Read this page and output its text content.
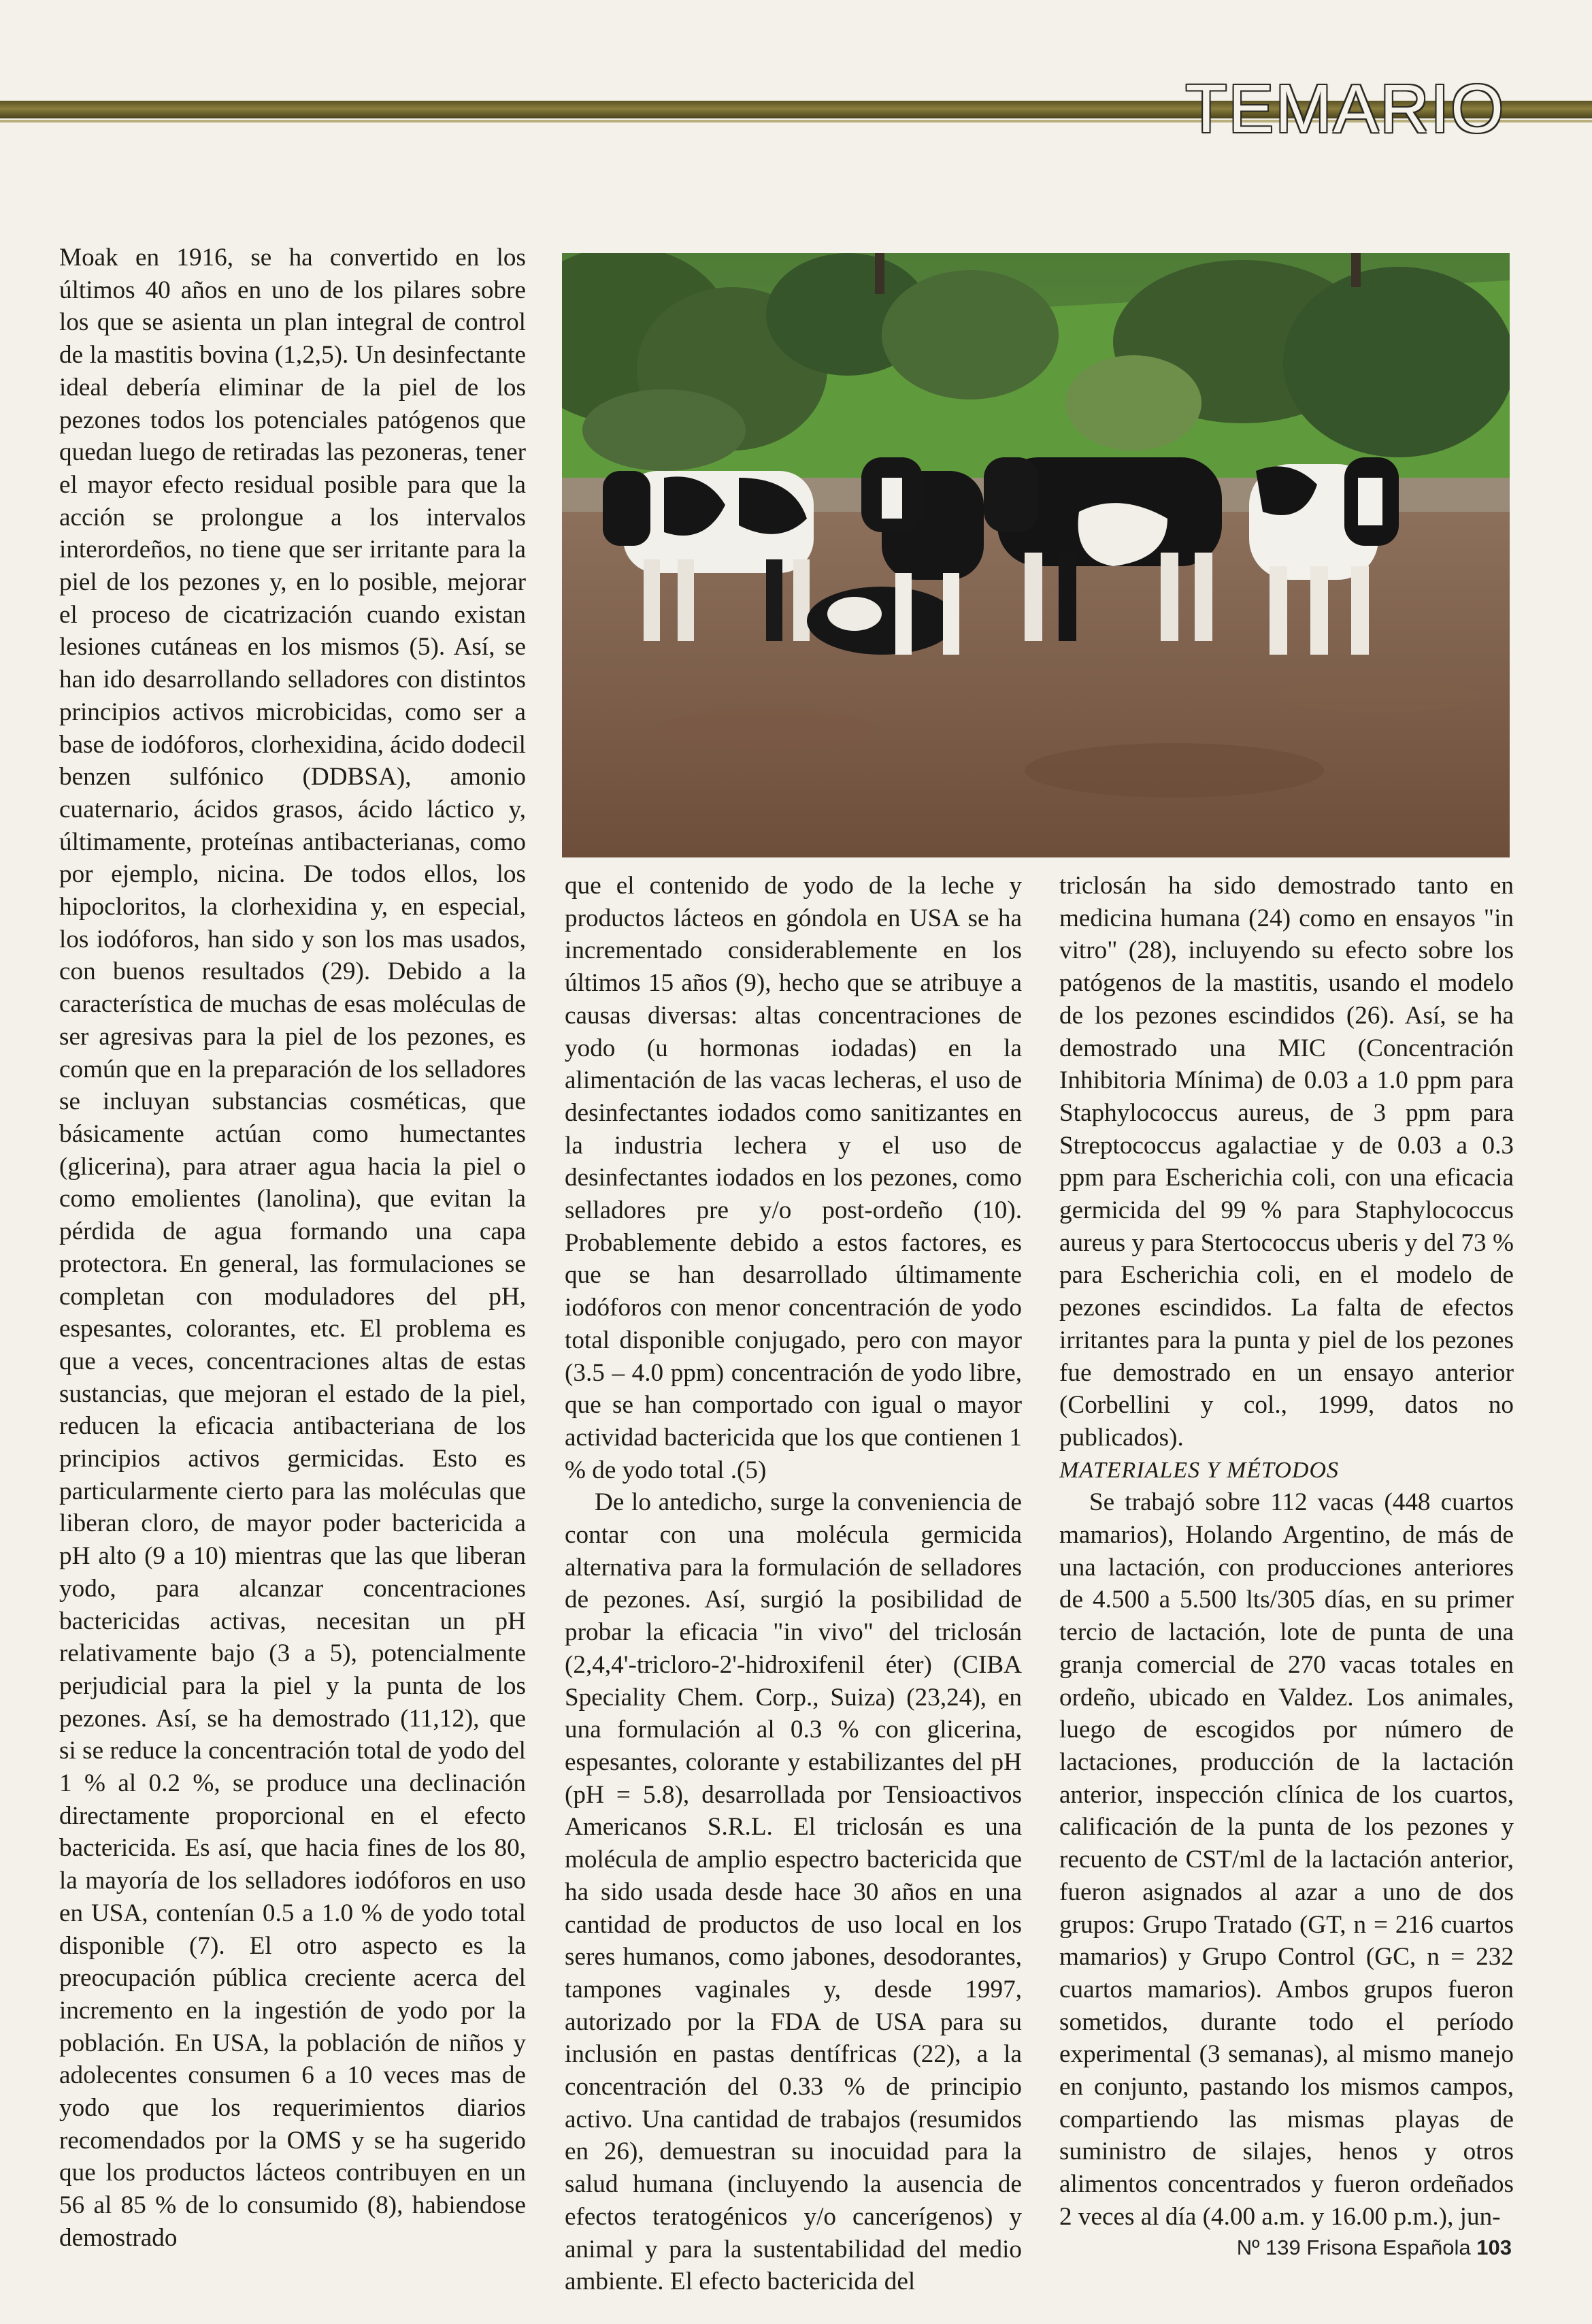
TEMARIO

Moak en 1916, se ha convertido en los últimos 40 años en uno de los pilares sobre los que se asienta un plan integral de control de la mastitis bovina (1,2,5). Un desinfectante ideal debería eliminar de la piel de los pezones todos los potenciales patógenos que quedan luego de retiradas las pezoneras, tener el mayor efecto residual posible para que la acción se prolongue a los intervalos interordeños, no tiene que ser irritante para la piel de los pezones y, en lo posible, mejorar el proceso de cicatrización cuando existan lesiones cutáneas en los mismos (5). Así, se han ido desarrollando selladores con distintos principios activos microbicidas, como ser a base de iodóforos, clorhexidina, ácido dodecil benzen sulfónico (DDBSA), amonio cuaternario, ácidos grasos, ácido láctico y, últimamente, proteínas antibacterianas, como por ejemplo, nicina. De todos ellos, los hipocloritos, la clorhexidina y, en especial, los iodóforos, han sido y son los mas usados, con buenos resultados (29). Debido a la característica de muchas de esas moléculas de ser agresivas para la piel de los pezones, es común que en la preparación de los selladores se incluyan substancias cosméticas, que básicamente actúan como humectantes (glicerina), para atraer agua hacia la piel o como emolientes (lanolina), que evitan la pérdida de agua formando una capa protectora. En general, las formulaciones se completan con moduladores del pH, espesantes, colorantes, etc. El problema es que a veces, concentraciones altas de estas sustancias, que mejoran el estado de la piel, reducen la eficacia antibacteriana de los principios activos germicidas. Esto es particularmente cierto para las moléculas que liberan cloro, de mayor poder bactericida a pH alto (9 a 10) mientras que las que liberan yodo, para alcanzar concentraciones bactericidas activas, necesitan un pH relativamente bajo (3 a 5), potencialmente perjudicial para la piel y la punta de los pezones. Así, se ha demostrado (11,12), que si se reduce la concentración total de yodo del 1 % al 0.2 %, se produce una declinación directamente proporcional en el efecto bactericida. Es así, que hacia fines de los 80, la mayoría de los selladores iodóforos en uso en USA, contenían 0.5 a 1.0 % de yodo total disponible (7). El otro aspecto es la preocupación pública creciente acerca del incremento en la ingestión de yodo por la población. En USA, la población de niños y adolecentes consumen 6 a 10 veces mas de yodo que los requerimientos diarios recomendados por la OMS y se ha sugerido que los productos lácteos contribuyen en un 56 al 85 % de lo consumido (8), habiendose demostrado

que el contenido de yodo de la leche y productos lácteos en góndola en USA se ha incrementado considerablemente en los últimos 15 años (9), hecho que se atribuye a causas diversas: altas concentraciones de yodo (u hormonas iodadas) en la alimentación de las vacas lecheras, el uso de desinfectantes iodados como sanitizantes en la industria lechera y el uso de desinfectantes iodados en los pezones, como selladores pre y/o post-ordeño (10). Probablemente debido a estos factores, es que se han desarrollado últimamente iodóforos con menor concentración de yodo total disponible conjugado, pero con mayor (3.5 – 4.0 ppm) concentración de yodo libre, que se han comportado con igual o mayor actividad bactericida que los que contienen 1 % de yodo total .(5)

De lo antedicho, surge la conveniencia de contar con una molécula germicida alternativa para la formulación de selladores de pezones. Así, surgió la posibilidad de probar la eficacia "in vivo" del triclosán (2,4,4'-tricloro-2'-hidroxifenil éter) (CIBA Speciality Chem. Corp., Suiza) (23,24), en una formulación al 0.3 % con glicerina, espesantes, colorante y estabilizantes del pH (pH = 5.8), desarrollada por Tensioactivos Americanos S.R.L. El triclosán es una molécula de amplio espectro bactericida que ha sido usada desde hace 30 años en una cantidad de productos de uso local en los seres humanos, como jabones, desodorantes, tampones vaginales y, desde 1997, autorizado por la FDA de USA para su inclusión en pastas dentífricas (22), a la concentración del 0.33 % de principio activo. Una cantidad de trabajos (resumidos en 26), demuestran su inocuidad para la salud humana (incluyendo la ausencia de efectos teratogénicos y/o cancerígenos) y animal y para la sustentabilidad del medio ambiente. El efecto bactericida del

triclosán ha sido demostrado tanto en medicina humana (24) como en ensayos "in vitro" (28), incluyendo su efecto sobre los patógenos de la mastitis, usando el modelo de los pezones escindidos (26). Así, se ha demostrado una MIC (Concentración Inhibitoria Mínima) de 0.03 a 1.0 ppm para Staphylococcus aureus, de 3 ppm para Streptococcus agalactiae y de 0.03 a 0.3 ppm para Escherichia coli, con una eficacia germicida del 99 % para Staphylococcus aureus y para Stertococcus uberis y del 73 % para Escherichia coli, en el modelo de pezones escindidos. La falta de efectos irritantes para la punta y piel de los pezones fue demostrado en un ensayo anterior (Corbellini y col., 1999, datos no publicados).

MATERIALES Y MÉTODOS

Se trabajó sobre 112 vacas (448 cuartos mamarios), Holando Argentino, de más de una lactación, con producciones anteriores de 4.500 a 5.500 lts/305 días, en su primer tercio de lactación, lote de punta de una granja comercial de 270 vacas totales en ordeño, ubicado en Valdez. Los animales, luego de escogidos por número de lactaciones, producción de la lactación anterior, inspección clínica de los cuartos, calificación de la punta de los pezones y recuento de CST/ml de la lactación anterior, fueron asignados al azar a uno de dos grupos: Grupo Tratado (GT, n = 216 cuartos mamarios) y Grupo Control (GC, n = 232 cuartos mamarios). Ambos grupos fueron sometidos, durante todo el período experimental (3 semanas), al mismo manejo en conjunto, pastando los mismos campos, compartiendo las mismas playas de suministro de silajes, henos y otros alimentos concentrados y fueron ordeñados 2 veces al día (4.00 a.m. y 16.00 p.m.), jun-

Nº 139 Frisona Española 103
